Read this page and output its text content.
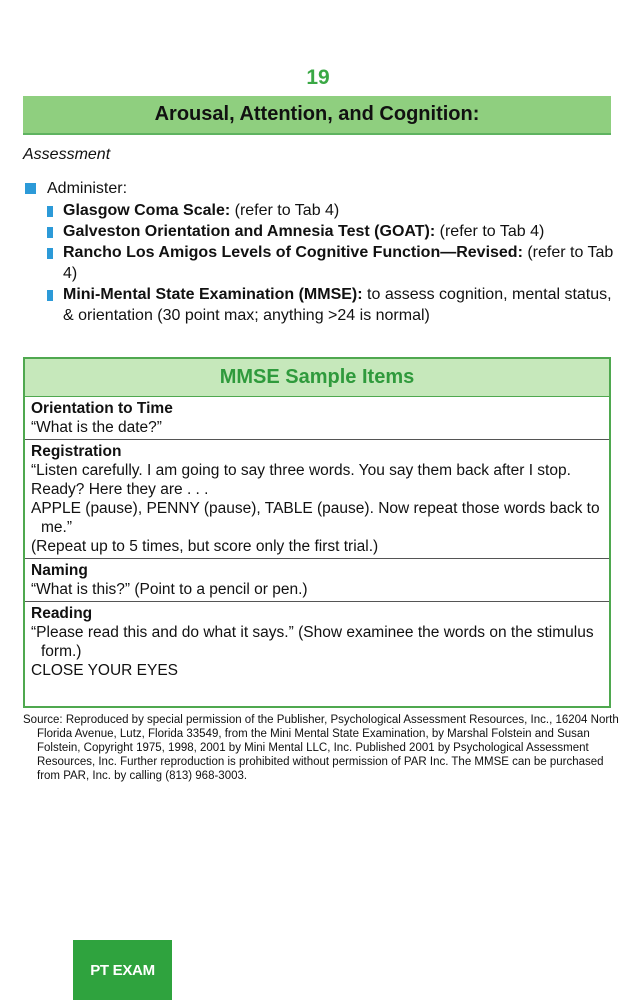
19
Arousal, Attention, and Cognition:
Assessment
Administer:
Glasgow Coma Scale: (refer to Tab 4)
Galveston Orientation and Amnesia Test (GOAT): (refer to Tab 4)
Rancho Los Amigos Levels of Cognitive Function—Revised: (refer to Tab 4)
Mini-Mental State Examination (MMSE): to assess cognition, mental status, & orientation (30 point max; anything >24 is normal)
MMSE Sample Items
Orientation to Time
“What is the date?”
Registration
“Listen carefully. I am going to say three words. You say them back after I stop.
Ready? Here they are . . .
APPLE (pause), PENNY (pause), TABLE (pause). Now repeat those words back to me.”
(Repeat up to 5 times, but score only the first trial.)
Naming
“What is this?” (Point to a pencil or pen.)
Reading
“Please read this and do what it says.” (Show examinee the words on the stimulus form.)
CLOSE YOUR EYES
Source: Reproduced by special permission of the Publisher, Psychological Assessment Resources, Inc., 16204 North Florida Avenue, Lutz, Florida 33549, from the Mini Mental State Examination, by Marshal Folstein and Susan Folstein, Copyright 1975, 1998, 2001 by Mini Mental LLC, Inc. Published 2001 by Psychological Assessment Resources, Inc. Further reproduction is prohibited without permission of PAR Inc. The MMSE can be purchased from PAR, Inc. by calling (813) 968-3003.
PT EXAM
